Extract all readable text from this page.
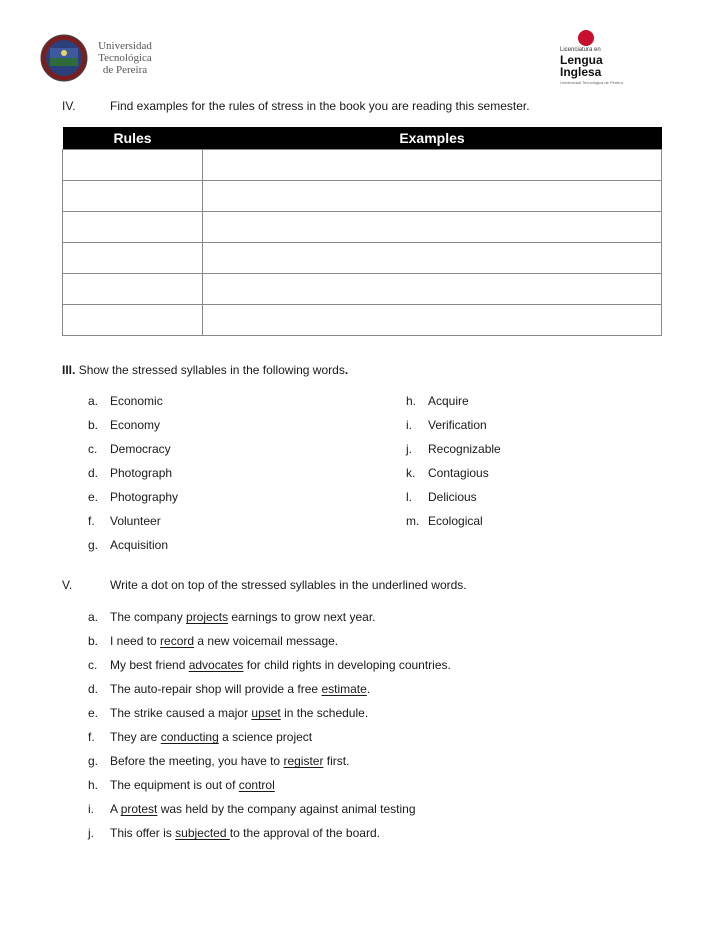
Universidad
Tecnológica
de Pereira
Licenciatura en
Lengua
Inglesa
Universidad Tecnológica de Pereira
IV.	Find examples for the rules of stress in the book you are reading this semester.
Rules	Examples

III. Show the stressed syllables in the following words.
a. Economic
b. Economy
c. Democracy
d. Photograph
e. Photography
f. Volunteer
g. Acquisition
h. Acquire
i. Verification
j. Recognizable
k. Contagious
l. Delicious
m. Ecological
V.	Write a dot on top of the stressed syllables in the underlined words.
a. The company projects earnings to grow next year.
b. I need to record a new voicemail message.
c. My best friend advocates for child rights in developing countries.
d. The auto-repair shop will provide a free estimate.
e. The strike caused a major upset in the schedule.
f. They are conducting a science project
g. Before the meeting, you have to register first.
h. The equipment is out of control
i. A protest was held by the company against animal testing
j. This offer is subjected to the approval of the board.
